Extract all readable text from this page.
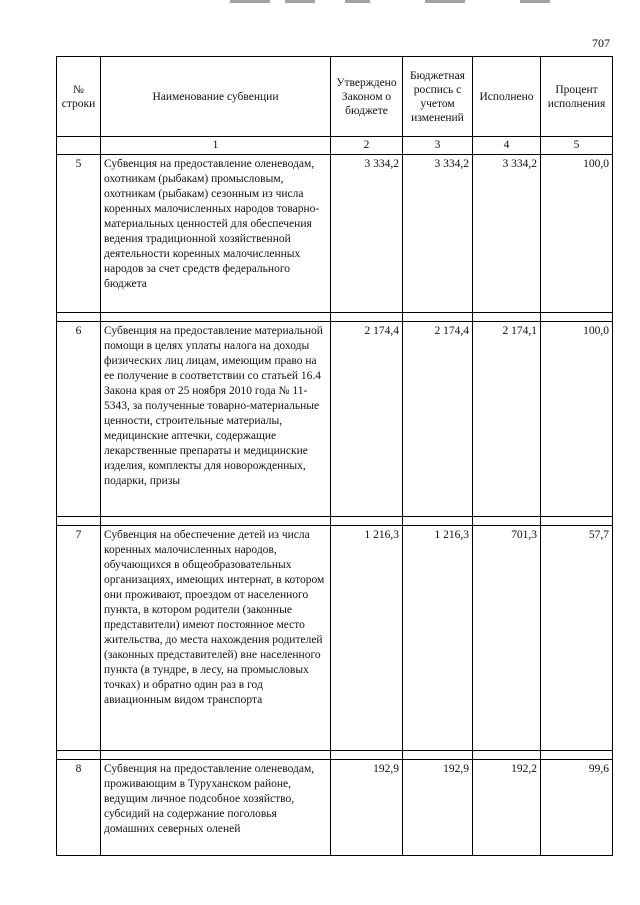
707
№ строки	Наименование субвенции	Утверждено Законом о бюджете	Бюджетная роспись с учетом изменений	Исполнено	Процент исполнения
	1	2	3	4	5
5	Субвенция на предоставление оленеводам, охотникам (рыбакам) промысловым, охотникам (рыбакам) сезонным из числа коренных малочисленных народов товарно-материальных ценностей для обеспечения ведения традиционной хозяйственной деятельности коренных малочисленных народов за счет средств федерального бюджета	3 334,2	3 334,2	3 334,2	100,0

6	Субвенция на предоставление материальной помощи в целях уплаты налога на доходы физических лиц лицам, имеющим право на ее получение в соответствии со статьей 16.4 Закона края от 25 ноября 2010 года № 11-5343, за полученные товарно-материальные ценности, строительные материалы, медицинские аптечки, содержащие лекарственные препараты и медицинские изделия, комплекты для новорожденных, подарки, призы	2 174,4	2 174,4	2 174,1	100,0

7	Субвенция на обеспечение детей из числа коренных малочисленных народов, обучающихся в общеобразовательных организациях, имеющих интернат, в котором они проживают, проездом от населенного пункта, в котором родители (законные представители) имеют постоянное место жительства, до места нахождения родителей (законных представителей) вне населенного пункта (в тундре, в лесу, на промысловых точках) и обратно один раз в год авиационным видом транспорта	1 216,3	1 216,3	701,3	57,7

8	Субвенция на предоставление оленеводам, проживающим в Туруханском районе, ведущим личное подсобное хозяйство, субсидий на содержание поголовья домашних северных оленей	192,9	192,9	192,2	99,6
